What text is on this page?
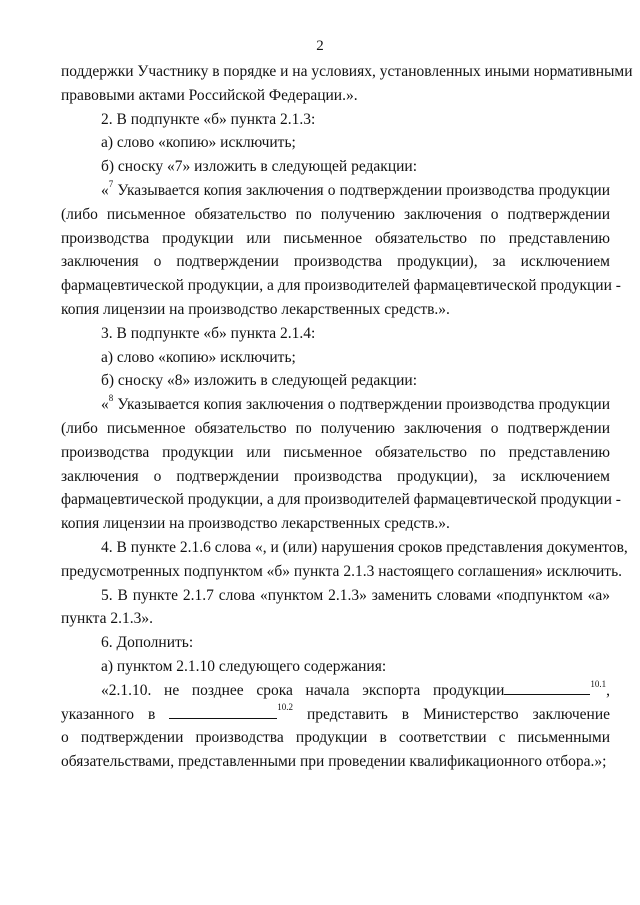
2
поддержки Участнику в порядке и на условиях, установленных иными нормативными
правовыми актами Российской Федерации.».
2. В подпункте «б» пункта 2.1.3:
а) слово «копию» исключить;
б) сноску «7» изложить в следующей редакции:
«$^7$ Указывается копия заключения о подтверждении производства продукции
(либо письменное обязательство по получению заключения о подтверждении
производства продукции или письменное обязательство по представлению
заключения о подтверждении производства продукции), за исключением
фармацевтической продукции, а для производителей фармацевтической продукции -
копия лицензии на производство лекарственных средств.».
3. В подпункте «б» пункта 2.1.4:
а) слово «копию» исключить;
б) сноску «8» изложить в следующей редакции:
«$^8$ Указывается копия заключения о подтверждении производства продукции
(либо письменное обязательство по получению заключения о подтверждении
производства продукции или письменное обязательство по представлению
заключения о подтверждении производства продукции), за исключением
фармацевтической продукции, а для производителей фармацевтической продукции -
копия лицензии на производство лекарственных средств.».
4. В пункте 2.1.6 слова «, и (или) нарушения сроков представления документов,
предусмотренных подпунктом «б» пункта 2.1.3 настоящего соглашения» исключить.
5. В пункте 2.1.7 слова «пунктом 2.1.3» заменить словами «подпунктом «а»
пункта 2.1.3».
6. Дополнить:
а) пунктом 2.1.10 следующего содержания:
«2.1.10. не позднее срока начала экспорта продукции	$^{10.1}$,
указанного в	$^{10.2}$ представить в Министерство заключение
о подтверждении производства продукции в соответствии с письменными
обязательствами, представленными при проведении квалификационного отбора.»;
